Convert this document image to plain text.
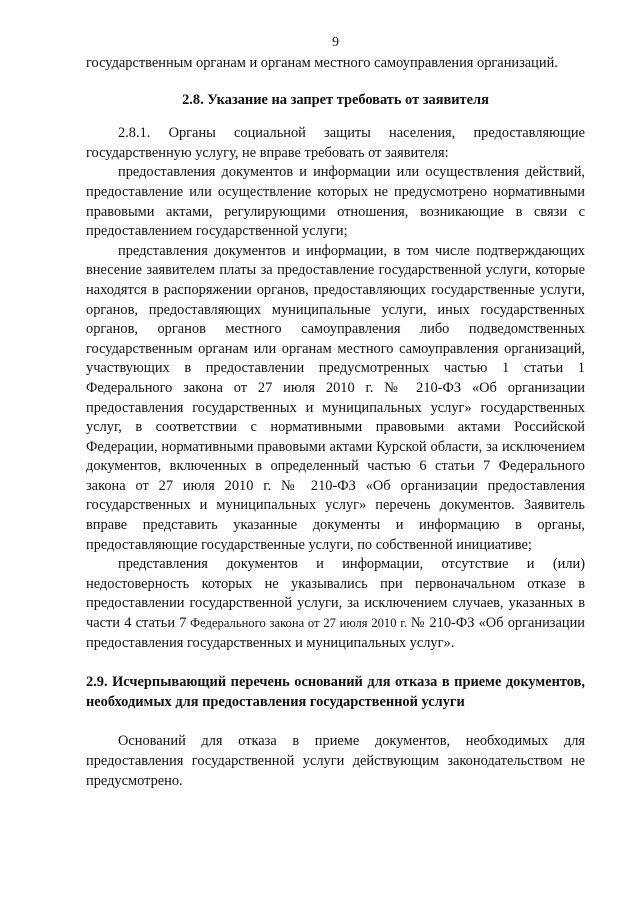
9

государственным органам и органам местного самоуправления организаций.

2.8. Указание на запрет требовать от заявителя

2.8.1. Органы социальной защиты населения, предоставляющие государственную услугу, не вправе требовать от заявителя:

предоставления документов и информации или осуществления действий, предоставление или осуществление которых не предусмотрено нормативными правовыми актами, регулирующими отношения, возникающие в связи с предоставлением государственной услуги;

представления документов и информации, в том числе подтверждающих внесение заявителем платы за предоставление государственной услуги, которые находятся в распоряжении органов, предоставляющих государственные услуги, органов, предоставляющих муниципальные услуги, иных государственных органов, органов местного самоуправления либо подведомственных государственным органам или органам местного самоуправления организаций, участвующих в предоставлении предусмотренных частью 1 статьи 1 Федерального закона от 27 июля 2010 г. № 210-ФЗ «Об организации предоставления государственных и муниципальных услуг» государственных услуг, в соответствии с нормативными правовыми актами Российской Федерации, нормативными правовыми актами Курской области, за исключением документов, включенных в определенный частью 6 статьи 7 Федерального закона от 27 июля 2010 г. № 210-ФЗ «Об организации предоставления государственных и муниципальных услуг» перечень документов. Заявитель вправе представить указанные документы и информацию в органы, предоставляющие государственные услуги, по собственной инициативе;

представления документов и информации, отсутствие и (или) недостоверность которых не указывались при первоначальном отказе в предоставлении государственной услуги, за исключением случаев, указанных в части 4 статьи 7 Федерального закона от 27 июля 2010 г. № 210-ФЗ «Об организации предоставления государственных и муниципальных услуг».

2.9. Исчерпывающий перечень оснований для отказа в приеме документов, необходимых для предоставления государственной услуги

Оснований для отказа в приеме документов, необходимых для предоставления государственной услуги действующим законодательством не предусмотрено.
